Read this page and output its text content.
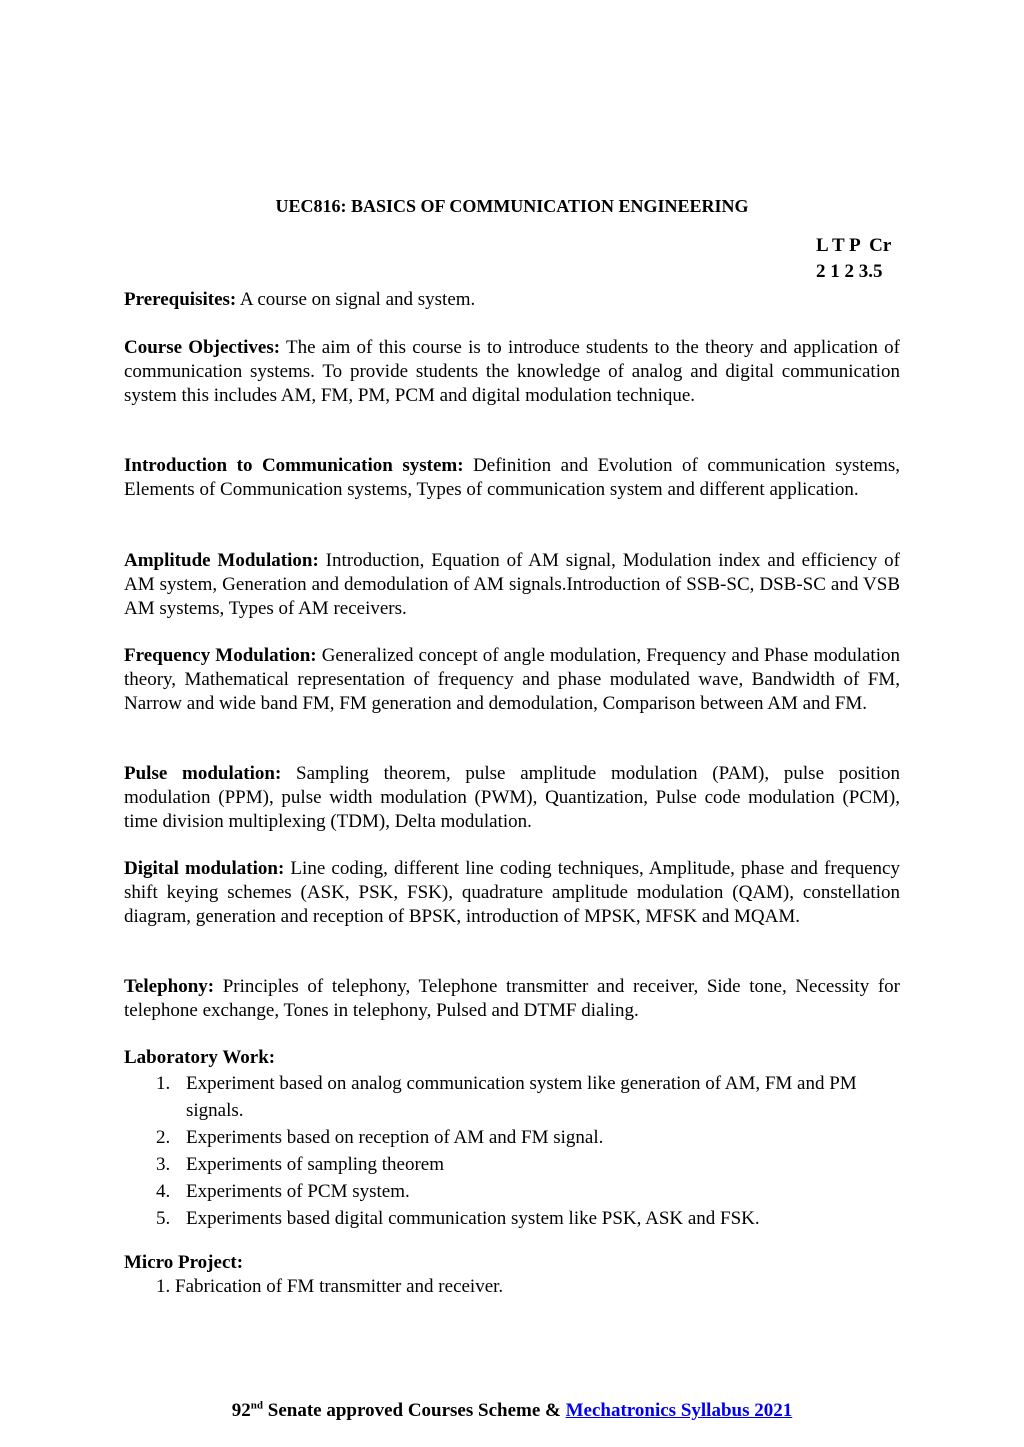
UEC816: BASICS OF COMMUNICATION ENGINEERING
L T P  Cr
2 1 2 3.5

Prerequisites: A course on signal and system.

Course Objectives: The aim of this course is to introduce students to the theory and application of communication systems. To provide students the knowledge of analog and digital communication system this includes AM, FM, PM, PCM and digital modulation technique.

Introduction to Communication system: Definition and Evolution of communication systems, Elements of Communication systems, Types of communication system and different application.

Amplitude Modulation: Introduction, Equation of AM signal, Modulation index and efficiency of AM system, Generation and demodulation of AM signals.Introduction of SSB-SC, DSB-SC and VSB AM systems, Types of AM receivers.

Frequency Modulation: Generalized concept of angle modulation, Frequency and Phase modulation theory, Mathematical representation of frequency and phase modulated wave, Bandwidth of FM, Narrow and wide band FM, FM generation and demodulation, Comparison between AM and FM.

Pulse modulation: Sampling theorem, pulse amplitude modulation (PAM), pulse position modulation (PPM), pulse width modulation (PWM), Quantization, Pulse code modulation (PCM), time division multiplexing (TDM), Delta modulation.

Digital modulation: Line coding, different line coding techniques, Amplitude, phase and frequency shift keying schemes (ASK, PSK, FSK), quadrature amplitude modulation (QAM), constellation diagram, generation and reception of BPSK, introduction of MPSK, MFSK and MQAM.

Telephony: Principles of telephony, Telephone transmitter and receiver, Side tone, Necessity for telephone exchange, Tones in telephony, Pulsed and DTMF dialing.

Laboratory Work:
1. Experiment based on analog communication system like generation of AM, FM and PM signals.
2. Experiments based on reception of AM and FM signal.
3. Experiments of sampling theorem
4. Experiments of PCM system.
5. Experiments based digital communication system like PSK, ASK and FSK.
Micro Project:
1. Fabrication of FM transmitter and receiver.
92nd Senate approved Courses Scheme & Mechatronics Syllabus 2021
